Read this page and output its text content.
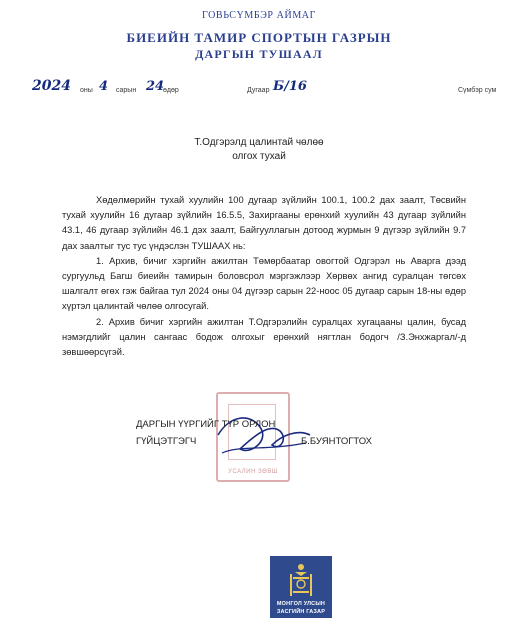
ГОВЬСҮМБЭР АЙМАГ
БИЕИЙН ТАМИР СПОРТЫН ГАЗРЫН
ДАРГЫН ТУШААЛ
2024 оны 4 сарын 24
өдөр	Дугаар Б/16	Сүмбэр сум
Т.Одгэрэлд цалинтай чөлөө
олгох тухай

Хөдөлмөрийн тухай хуулийн 100 дугаар зүйлийн 100.1, 100.2 дах заалт, Төсвийн тухай хуулийн 16 дугаар зүйлийн 16.5.5, Захиргааны ерөнхий хуулийн 43 дугаар зүйлийн 43.1, 46 дугаар зүйлийн 46.1 дэх заалт, Байгууллагын дотоод журмын 9 дүгээр зүйлийн 9.7 дах заалтыг тус тус үндэслэн ТУШААХ нь:

1. Архив, бичиг хэргийн ажилтан Төмөрбаатар овогтой Одгэрэл нь Аварга дээд сургуульд Багш биеийн тамирын боловсрол мэргэжлээр Хөрвөх ангид суралцан төгсөх шалгалт өгөх гэж байгаа тул 2024 оны 04 дүгээр сарын 22-ноос 05 дугаар сарын 18-ны өдөр хүртэл цалинтай чөлөө олгосугай.

2. Архив бичиг хэргийн ажилтан Т.Одгэрэлийн суралцах хугацааны цалин, бусад нэмэгдлийг цалин сангаас бодож олгохыг ерөнхий нягтлан бодогч /З.Энхжаргал/-д зөвшөөрсүгэй.

УСАЛИН ЗӨВШ
ДАРГЫН ҮҮРГИЙГ ТҮР ОРЛОН
ГҮЙЦЭТГЭГЧ	Б.БУЯНТОГТОХ
МОНГОЛ УЛСЫН
ЗАСГИЙН ГАЗАР
